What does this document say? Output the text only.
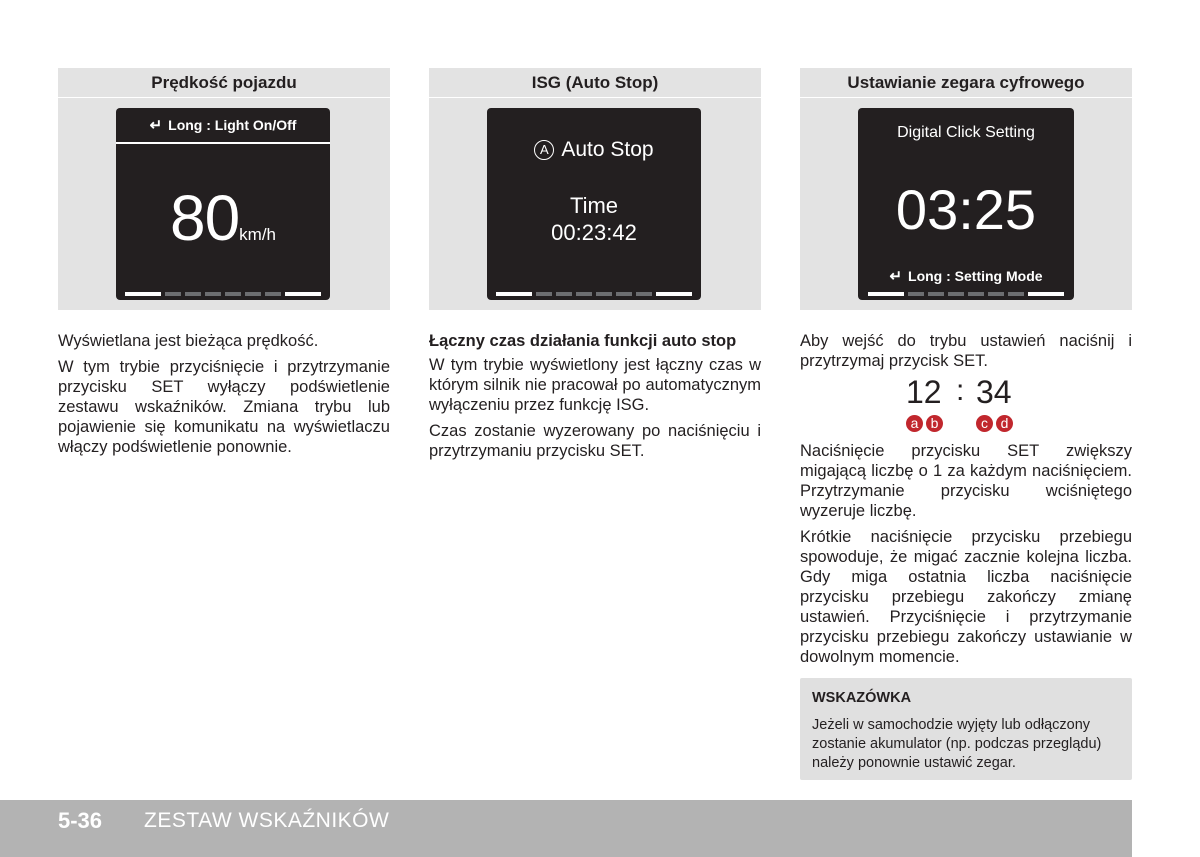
Prędkość pojazdu
↵ Long : Light On/Off
80km/h
ISG (Auto Stop)
A Auto Stop
Time
00:23:42
Ustawianie zegara cyfrowego
Digital Click Setting
03:25
↵ Long : Setting Mode

Wyświetlana jest bieżąca prędkość.

W tym trybie przyciśnięcie i przytrzymanie przycisku SET wyłączy podświetlenie zestawu wskaźników. Zmiana trybu lub pojawienie się komunikatu na wyświetlaczu włączy podświetlenie ponownie.

Łączny czas działania funkcji auto stop

W tym trybie wyświetlony jest łączny czas w którym silnik nie pracował po automatycznym wyłączeniu przez funkcję ISG.

Czas zostanie wyzerowany po naciśnięciu i przytrzymaniu przycisku SET.

Aby wejść do trybu ustawień naciśnij i przytrzymaj przycisk SET.

12 : 34
a b	c d

Naciśnięcie przycisku SET zwiększy migającą liczbę o 1 za każdym naciśnięciem. Przytrzymanie przycisku wciśniętego wyzeruje liczbę.

Krótkie naciśnięcie przycisku przebiegu spowoduje, że migać zacznie kolejna liczba. Gdy miga ostatnia liczba naciśnięcie przycisku przebiegu zakończy zmianę ustawień. Przyciśnięcie i przytrzymanie przycisku przebiegu zakończy ustawianie w dowolnym momencie.

WSKAZÓWKA
Jeżeli w samochodzie wyjęty lub odłączony zostanie akumulator (np. podczas przeglądu) należy ponownie ustawić zegar.
5-36 ZESTAW WSKAŹNIKÓW
